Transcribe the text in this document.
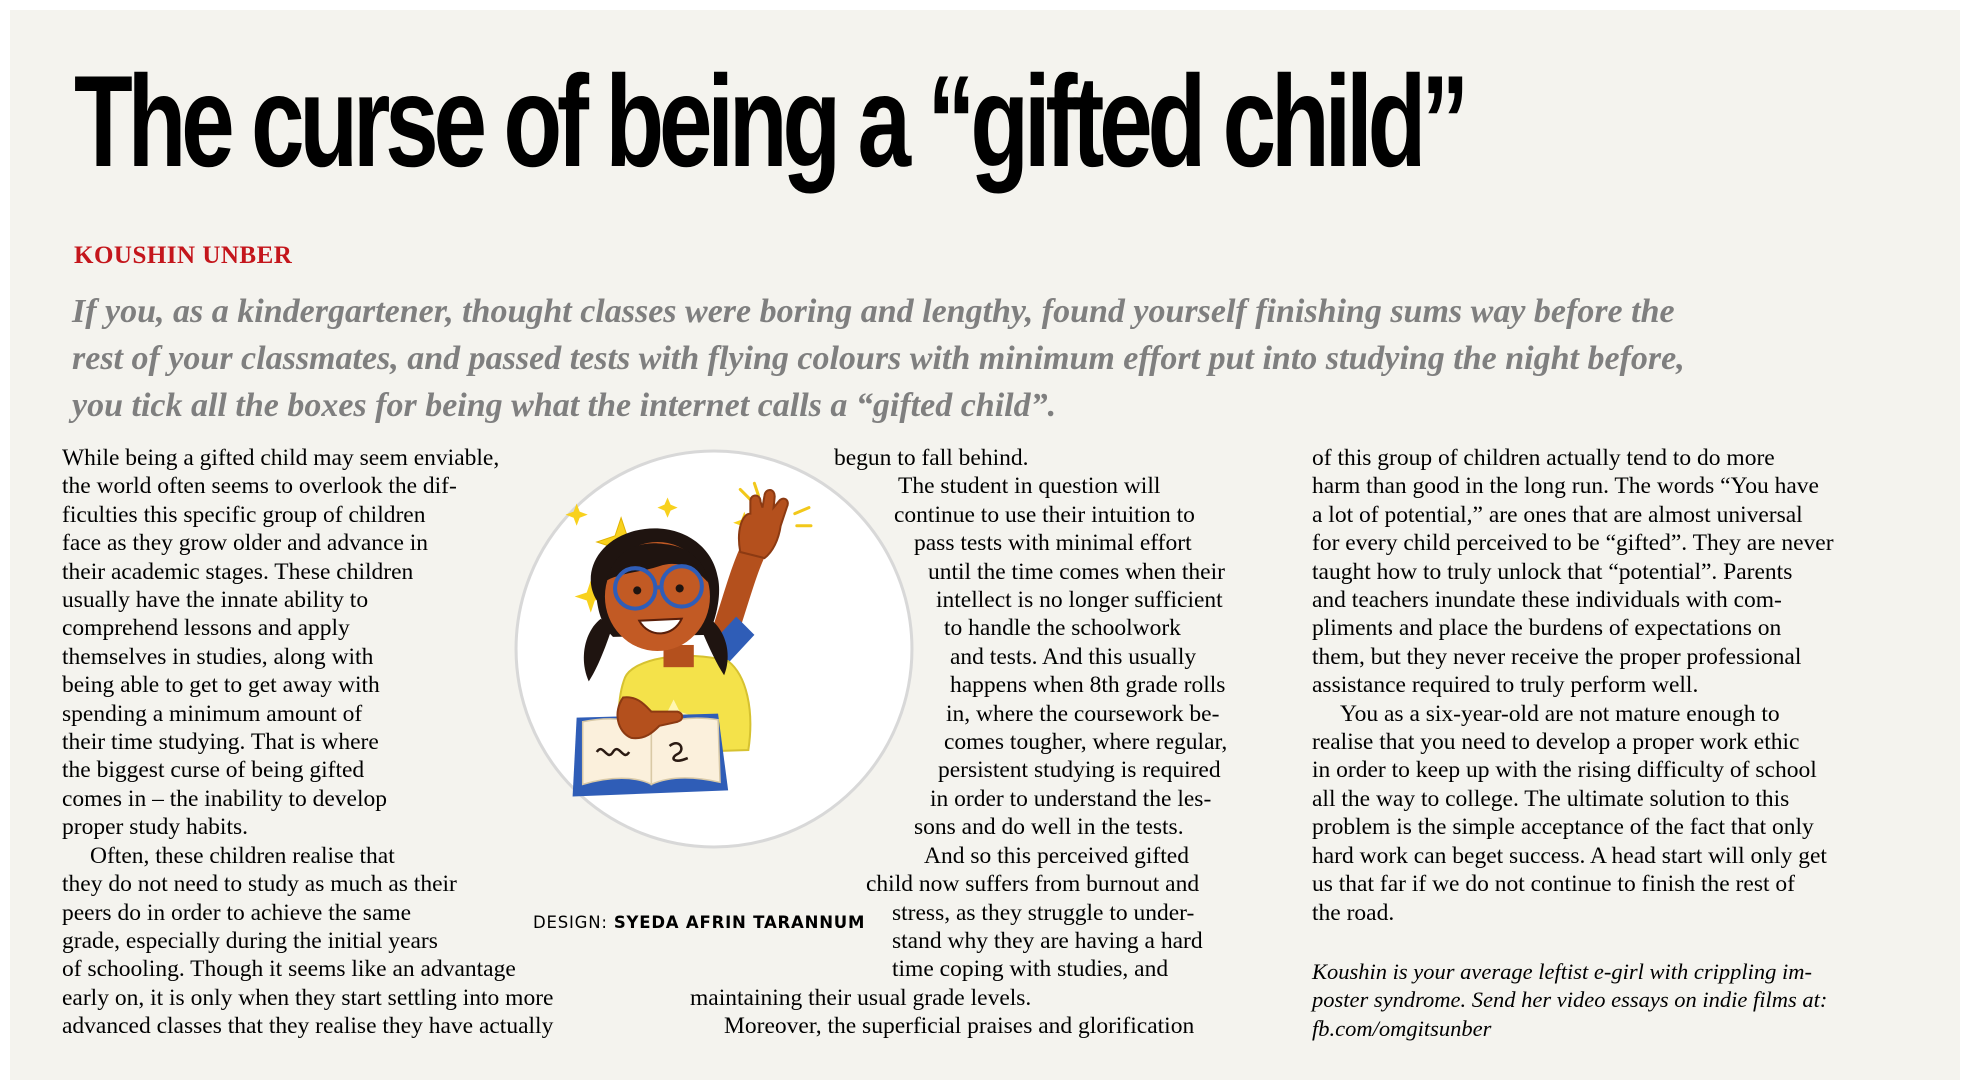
The curse of being a “gifted child”
KOUSHIN UNBER
If you, as a kindergartener, thought classes were boring and lengthy, found yourself finishing sums way before the
rest of your classmates, and passed tests with flying colours with minimum effort put into studying the night before,
you tick all the boxes for being what the internet calls a “gifted child”.
While being a gifted child may seem enviable,
the world often seems to overlook the dif-
ficulties this specific group of children
face as they grow older and advance in
their academic stages. These children
usually have the innate ability to
comprehend lessons and apply
themselves in studies, along with
being able to get to get away with
spending a minimum amount of
their time studying. That is where
the biggest curse of being gifted
comes in – the inability to develop
proper study habits.
Often, these children realise that
they do not need to study as much as their
peers do in order to achieve the same
grade, especially during the initial years
of schooling. Though it seems like an advantage
early on, it is only when they start settling into more
advanced classes that they realise they have actually
begun to fall behind.
The student in question will
continue to use their intuition to
pass tests with minimal effort
until the time comes when their
intellect is no longer sufficient
to handle the schoolwork
and tests. And this usually
happens when 8th grade rolls
in, where the coursework be-
comes tougher, where regular,
persistent studying is required
in order to understand the les-
sons and do well in the tests.
And so this perceived gifted
child now suffers from burnout and
stress, as they struggle to under-
stand why they are having a hard
time coping with studies, and
maintaining their usual grade levels.
Moreover, the superficial praises and glorification
of this group of children actually tend to do more
harm than good in the long run. The words “You have
a lot of potential,” are ones that are almost universal
for every child perceived to be “gifted”. They are never
taught how to truly unlock that “potential”. Parents
and teachers inundate these individuals with com-
pliments and place the burdens of expectations on
them, but they never receive the proper professional
assistance required to truly perform well.
You as a six-year-old are not mature enough to
realise that you need to develop a proper work ethic
in order to keep up with the rising difficulty of school
all the way to college. The ultimate solution to this
problem is the simple acceptance of the fact that only
hard work can beget success. A head start will only get
us that far if we do not continue to finish the rest of
the road.
Koushin is your average leftist e-girl with crippling im-
poster syndrome. Send her video essays on indie films at:
fb.com/omgitsunber
DESIGN: SYEDA AFRIN TARANNUM
